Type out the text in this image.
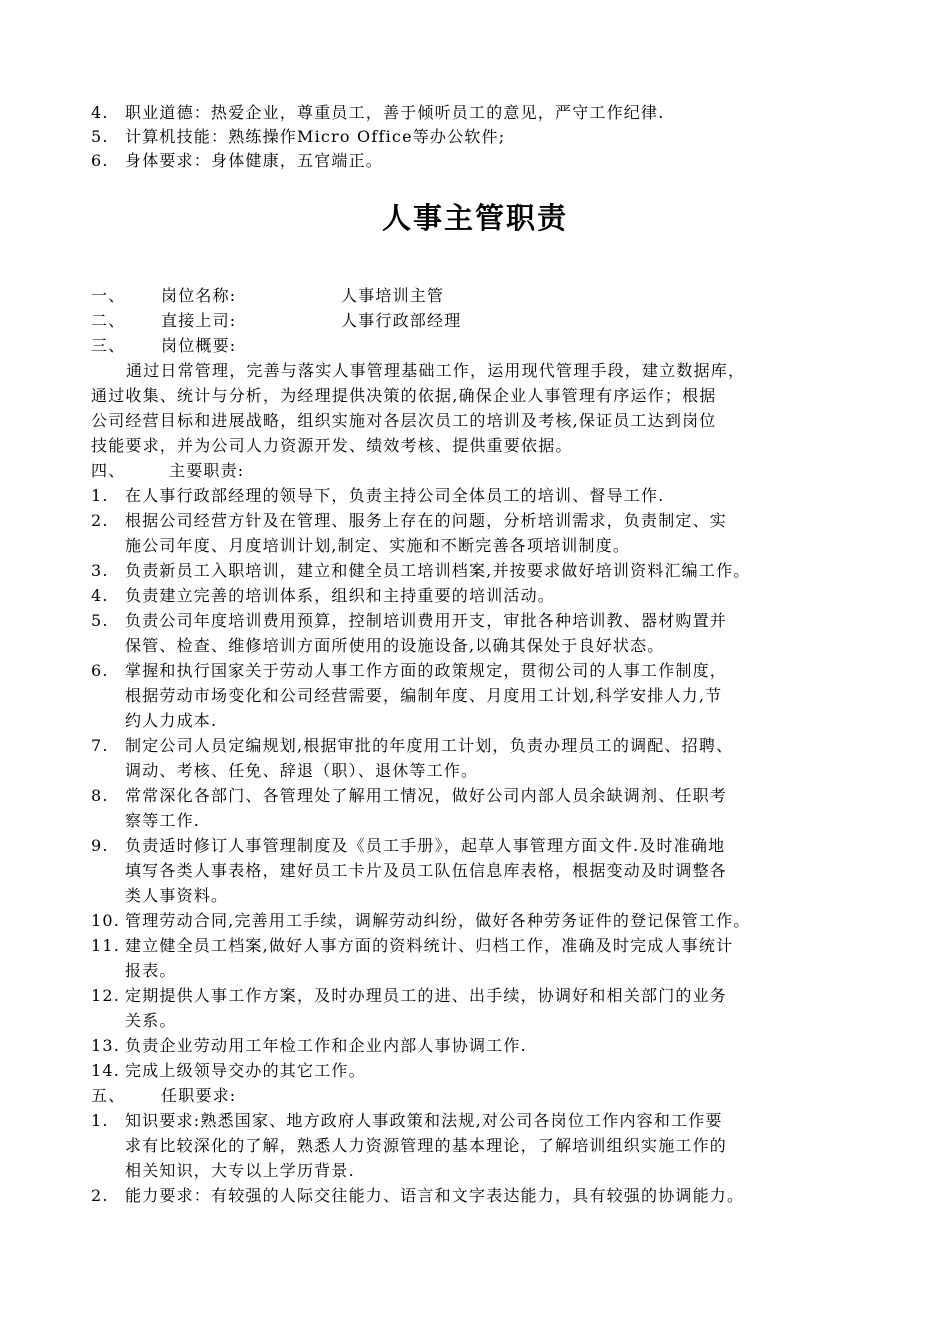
4. 职业道德：热爱企业，尊重员工，善于倾听员工的意见，严守工作纪律.
5. 计算机技能：熟练操作Micro Office等办公软件;
6. 身体要求：身体健康，五官端正。
人事主管职责
一、 岗位名称:	人事培训主管
二、 直接上司:	人事行政部经理
三、 岗位概要:
通过日常管理，完善与落实人事管理基础工作，运用现代管理手段，建立数据库，
通过收集、统计与分析，为经理提供决策的依据,确保企业人事管理有序运作；根据
公司经营目标和进展战略，组织实施对各层次员工的培训及考核,保证员工达到岗位
技能要求，并为公司人力资源开发、绩效考核、提供重要依据。
四、	主要职责:
1. 在人事行政部经理的领导下，负责主持公司全体员工的培训、督导工作.
2. 根据公司经营方针及在管理、服务上存在的问题，分析培训需求，负责制定、实
施公司年度、月度培训计划,制定、实施和不断完善各项培训制度。
3. 负责新员工入职培训，建立和健全员工培训档案,并按要求做好培训资料汇编工作。
4. 负责建立完善的培训体系，组织和主持重要的培训活动。
5. 负责公司年度培训费用预算，控制培训费用开支，审批各种培训教、器材购置并
保管、检查、维修培训方面所使用的设施设备,以确其保处于良好状态。
6. 掌握和执行国家关于劳动人事工作方面的政策规定，贯彻公司的人事工作制度，
根据劳动市场变化和公司经营需要，编制年度、月度用工计划,科学安排人力,节
约人力成本.
7. 制定公司人员定编规划,根据审批的年度用工计划，负责办理员工的调配、招聘、
调动、考核、任免、辞退（职）、退休等工作。
8. 常常深化各部门、各管理处了解用工情况，做好公司内部人员余缺调剂、任职考
察等工作.
9. 负责适时修订人事管理制度及《员工手册》，起草人事管理方面文件.及时准确地
填写各类人事表格，建好员工卡片及员工队伍信息库表格，根据变动及时调整各
类人事资料。
10. 管理劳动合同,完善用工手续，调解劳动纠纷，做好各种劳务证件的登记保管工作。
11. 建立健全员工档案,做好人事方面的资料统计、归档工作，准确及时完成人事统计
报表。
12. 定期提供人事工作方案，及时办理员工的进、出手续，协调好和相关部门的业务
关系。
13. 负责企业劳动用工年检工作和企业内部人事协调工作.
14. 完成上级领导交办的其它工作。
五、 任职要求:
1. 知识要求:熟悉国家、地方政府人事政策和法规,对公司各岗位工作内容和工作要
求有比较深化的了解，熟悉人力资源管理的基本理论，了解培训组织实施工作的
相关知识，大专以上学历背景.
2. 能力要求：有较强的人际交往能力、语言和文字表达能力，具有较强的协调能力。
